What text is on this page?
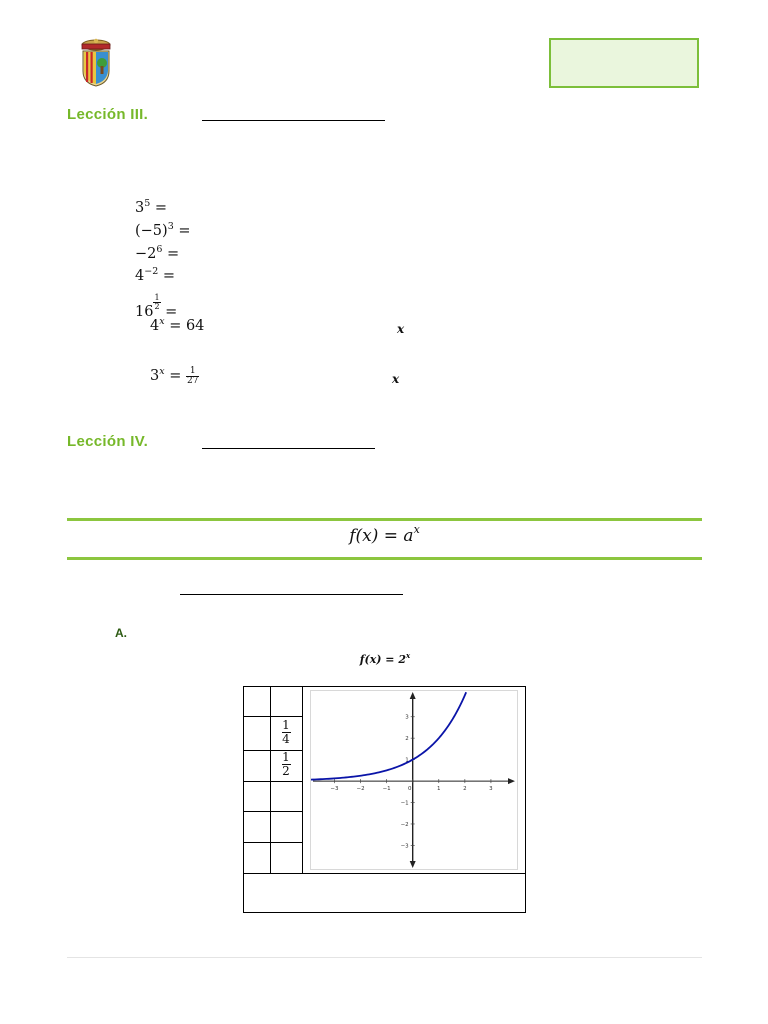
Lección III.
$3^5$ =
$(-5)^3$ =
$-2^6$ =
$4^{-2}$ =
16
$\frac{1}{2}$
=
$4^x = 64$	x
$3^x = \frac{1}{27}$	x
Lección IV.
$f(x) = a^x$
A.
$f(x) = 2^x$
1
4
1
2
−3	−2	−1	0	1	2	3
3
2
1
−1
−2
−3
